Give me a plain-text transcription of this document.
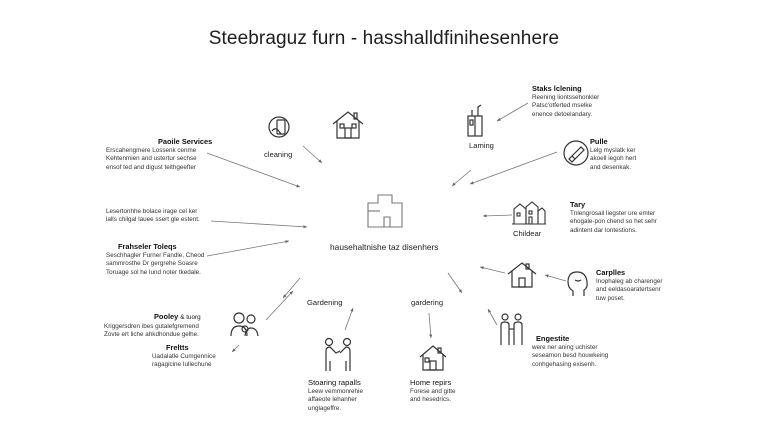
Steebraguz furn - hasshalldfinihesenhere
cleaning
Laming
Childear
Gardening	gardering
hausehaltnishe taz disenhers
Staks lclening
Reening liontssehonkler
Patsc'otferted mselke
enence detoelandary.
Paoile Services
Erscahengmere Lossenk cenme
Kehtenmien and ustertur sechse
ensof ted and digust teithgeefter
Pulle
Lelg myslatk ker
akoell iegoh hert
and desenkak.
Lesertonhhe bolace irage cel ker
lalls chilgal lauee ssert gle estent.
Tary
Tnlengrosail liegster ure emter
ehogale-pon chend so het sehr
adintent dar lontestions.
Frahseler Toleqs
Seschhagler Furner Fandle, Cheod
sammrosthe Dr gergrehe Soasre
Toruage sol he lund noter tkedale.	Carplles
Inophaleg ab charenger
and eeldasoaratertsenr
tuw poset.
Pooley & tuorg
Kriggersdren ibes gutalefgremend
Zovte ert liche ahkdhondue gelhe.
Freltts
Uadalatle Cumgennice
ragagicine Iullechune
Engestite
were ner aning uchister
seseamon besd houwkeing
conhgehasing exisenh.
Stoaring rapalls
Leew vemmonrehie
affaeote lehanher
unglageffre.
Home repirs
Forese and gitte
and hesedrics.
